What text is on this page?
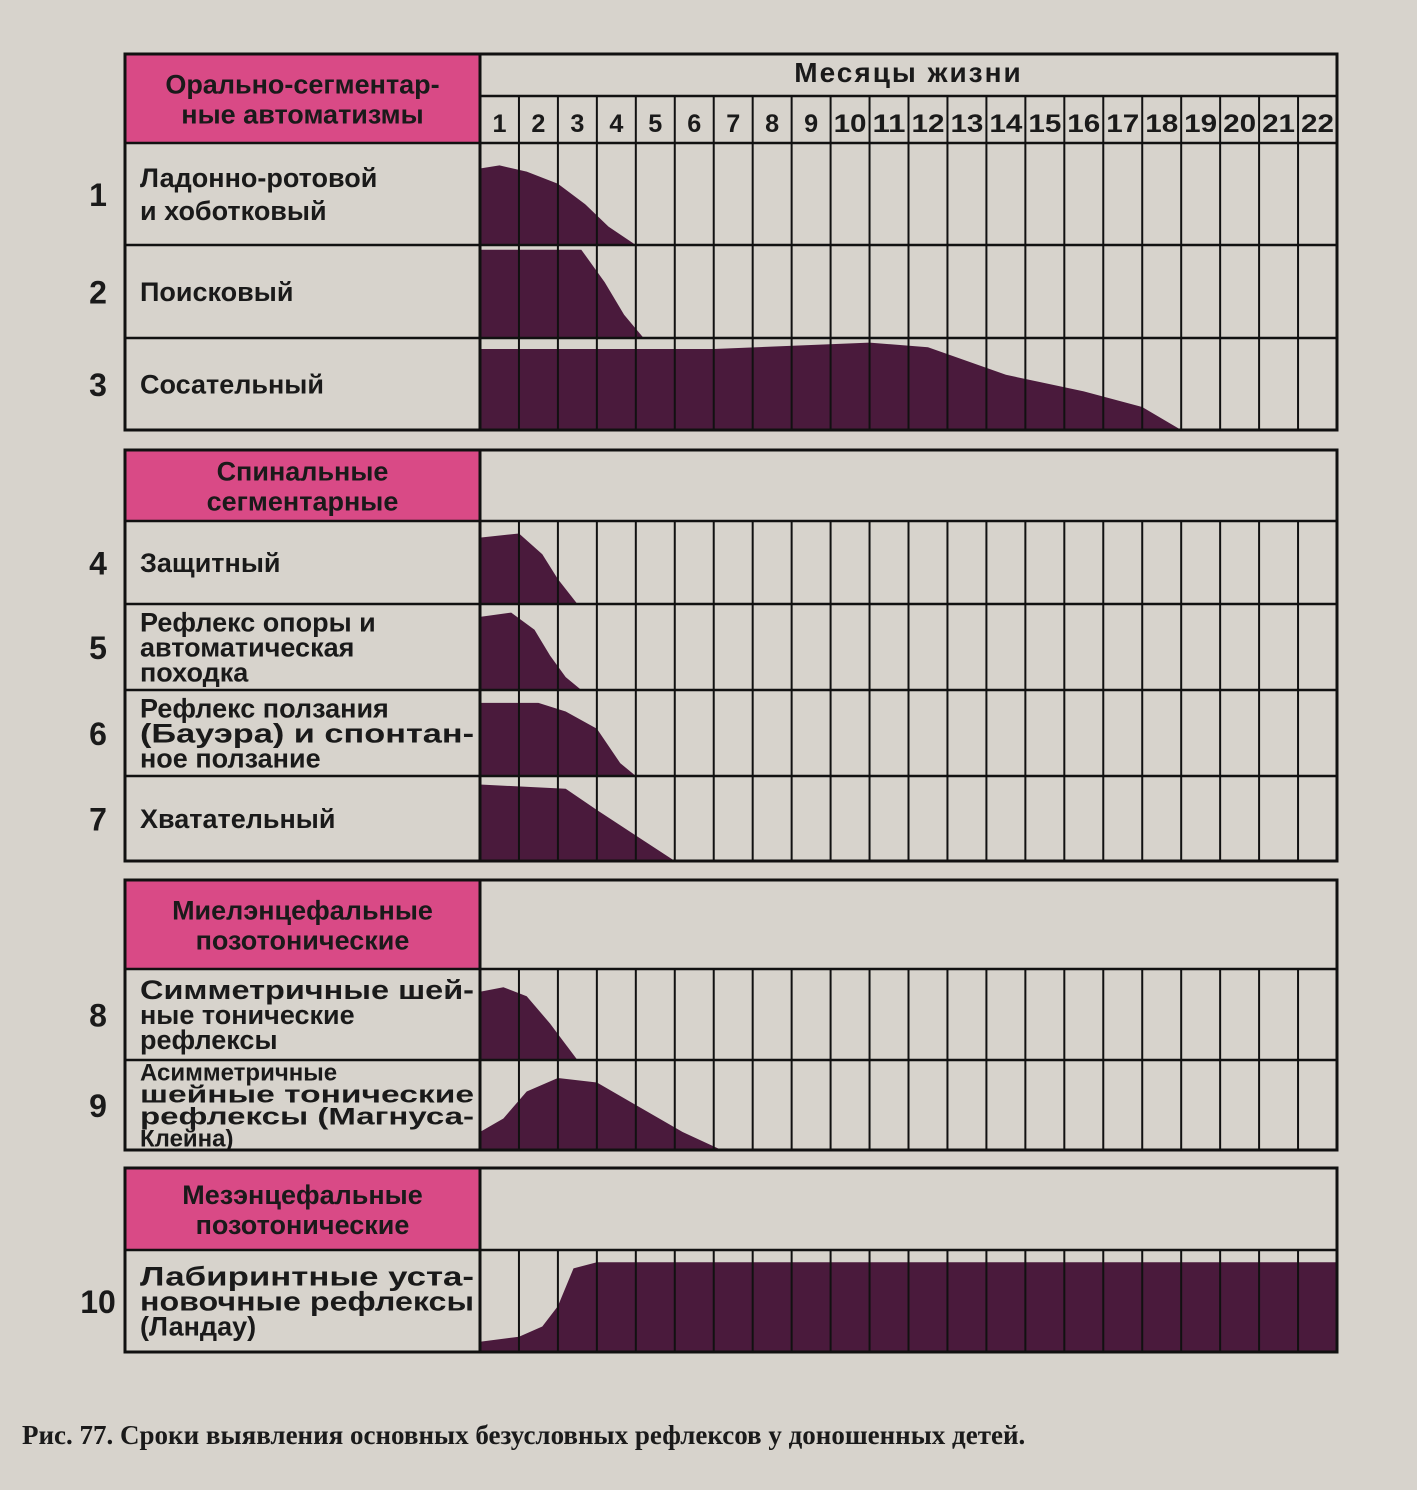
Орально-сегментар-
ные автоматизмы
Месяцы жизни
1 2 3 4 5 6 7 8 9 10 11 12 13 14 15 16 17 18 19 20 21 22
1 Ладонно-ротовой
и хоботковый
2 Поисковый
3 Сосательный
Спинальные
сегментарные
4 Защитный
5
Рефлекс опоры и
автоматическая
походка
6
Рефлекс ползания
(Бауэра) и спонтан-
ное ползание
7 Хватательный
Миелэнцефальные
позотонические
8
Симметричные шей-
ные тонические
рефлексы
9
Асимметричные
шейные тонические
рефлексы (Магнуса-
Клейна)
Мезэнцефальные
позотонические
10
Лабиринтные уста-
новочные рефлексы
(Ландау)
Рис. 77. Сроки выявления основных безусловных рефлексов у доношенных детей.
